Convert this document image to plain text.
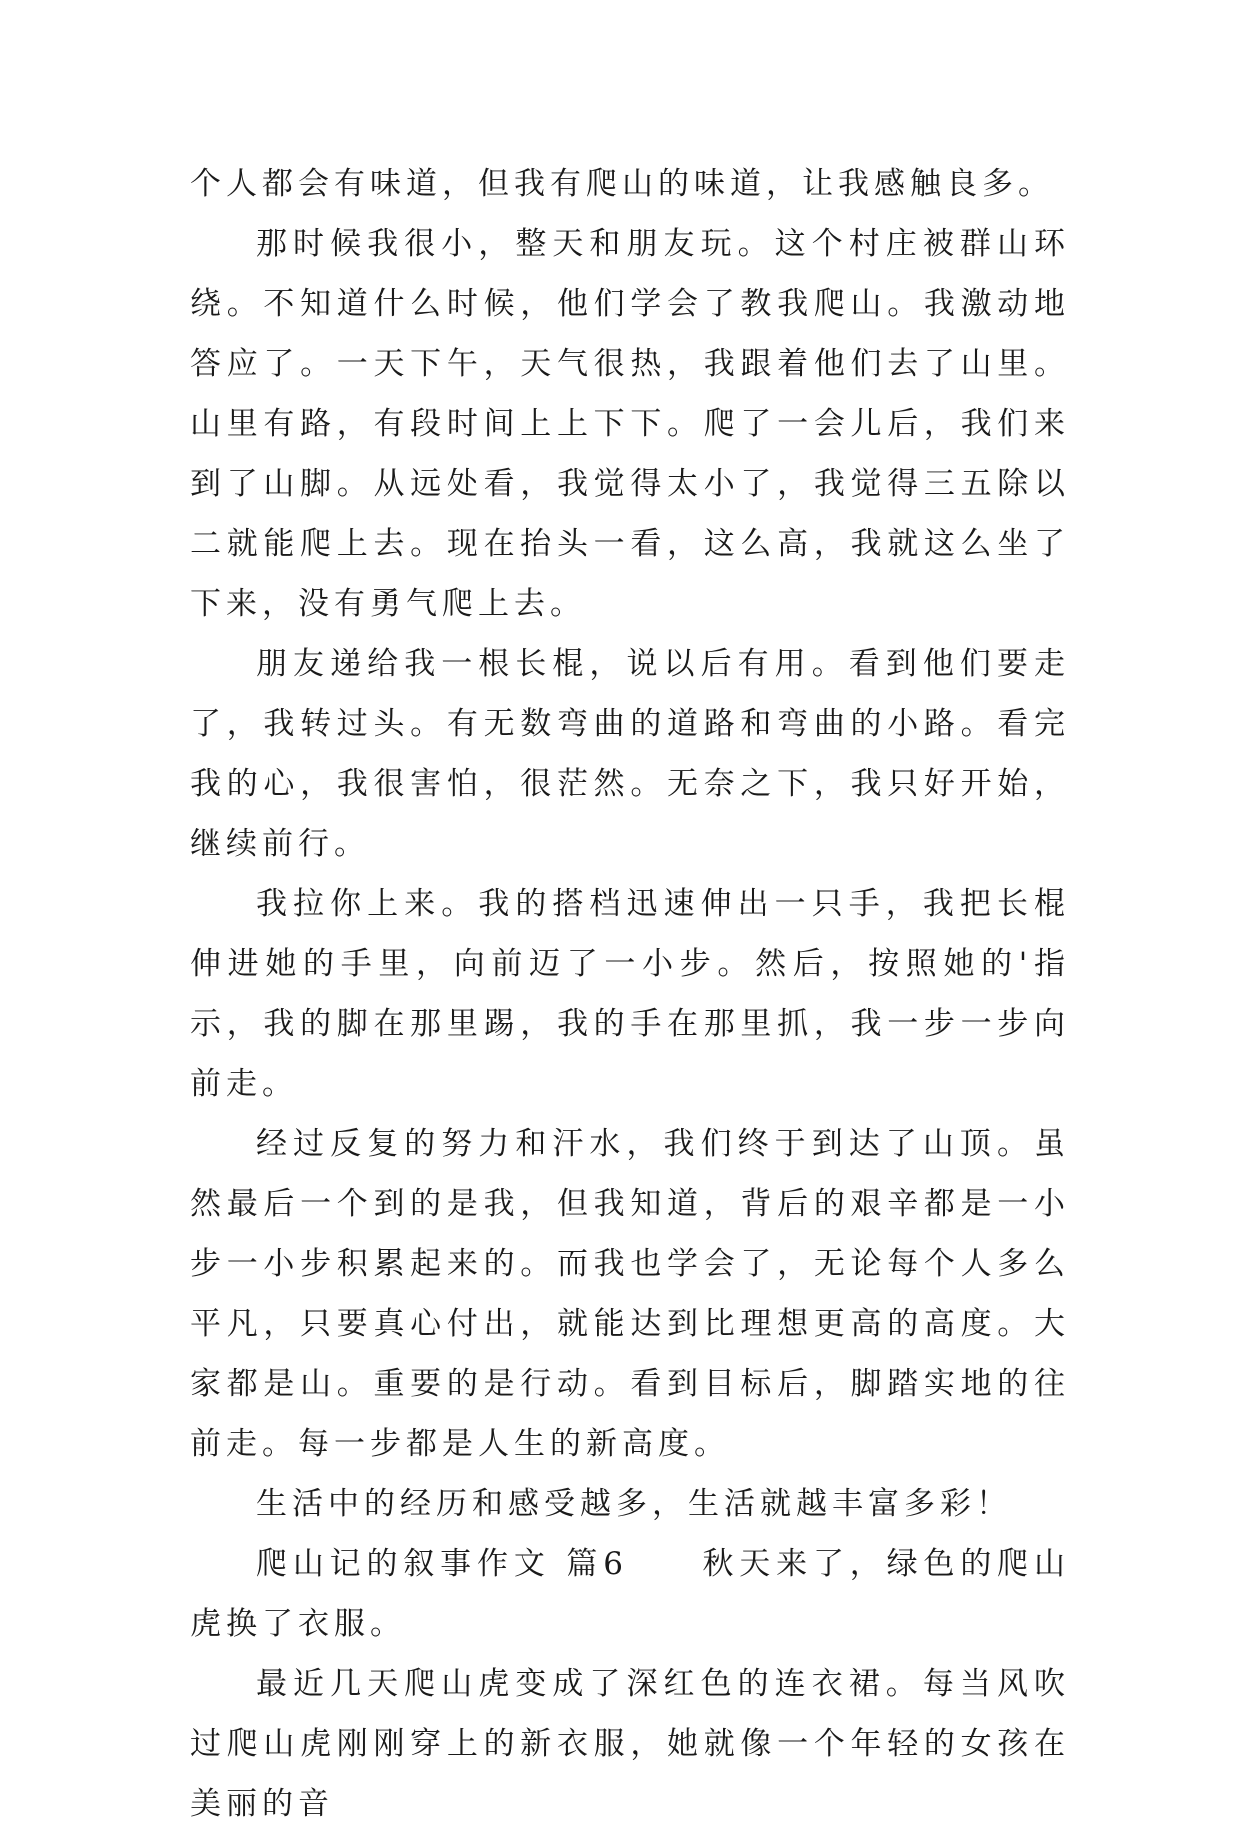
个人都会有味道，但我有爬山的味道，让我感触良多。

那时候我很小，整天和朋友玩。这个村庄被群山环绕。不知道什么时候，他们学会了教我爬山。我激动地答应了。一天下午，天气很热，我跟着他们去了山里。山里有路，有段时间上上下下。爬了一会儿后，我们来到了山脚。从远处看，我觉得太小了，我觉得三五除以二就能爬上去。现在抬头一看，这么高，我就这么坐了下来，没有勇气爬上去。

朋友递给我一根长棍，说以后有用。看到他们要走了，我转过头。有无数弯曲的道路和弯曲的小路。看完我的心，我很害怕，很茫然。无奈之下，我只好开始，继续前行。

我拉你上来。我的搭档迅速伸出一只手，我把长棍伸进她的手里，向前迈了一小步。然后，按照她的'指示，我的脚在那里踢，我的手在那里抓，我一步一步向前走。

经过反复的努力和汗水，我们终于到达了山顶。虽然最后一个到的是我，但我知道，背后的艰辛都是一小步一小步积累起来的。而我也学会了，无论每个人多么平凡，只要真心付出，就能达到比理想更高的高度。大家都是山。重要的是行动。看到目标后，脚踏实地的往前走。每一步都是人生的新高度。

生活中的经历和感受越多，生活就越丰富多彩！

爬山记的叙事作文 篇6　　秋天来了，绿色的爬山虎换了衣服。

最近几天爬山虎变成了深红色的连衣裙。每当风吹过爬山虎刚刚穿上的新衣服，她就像一个年轻的女孩在美丽的音
